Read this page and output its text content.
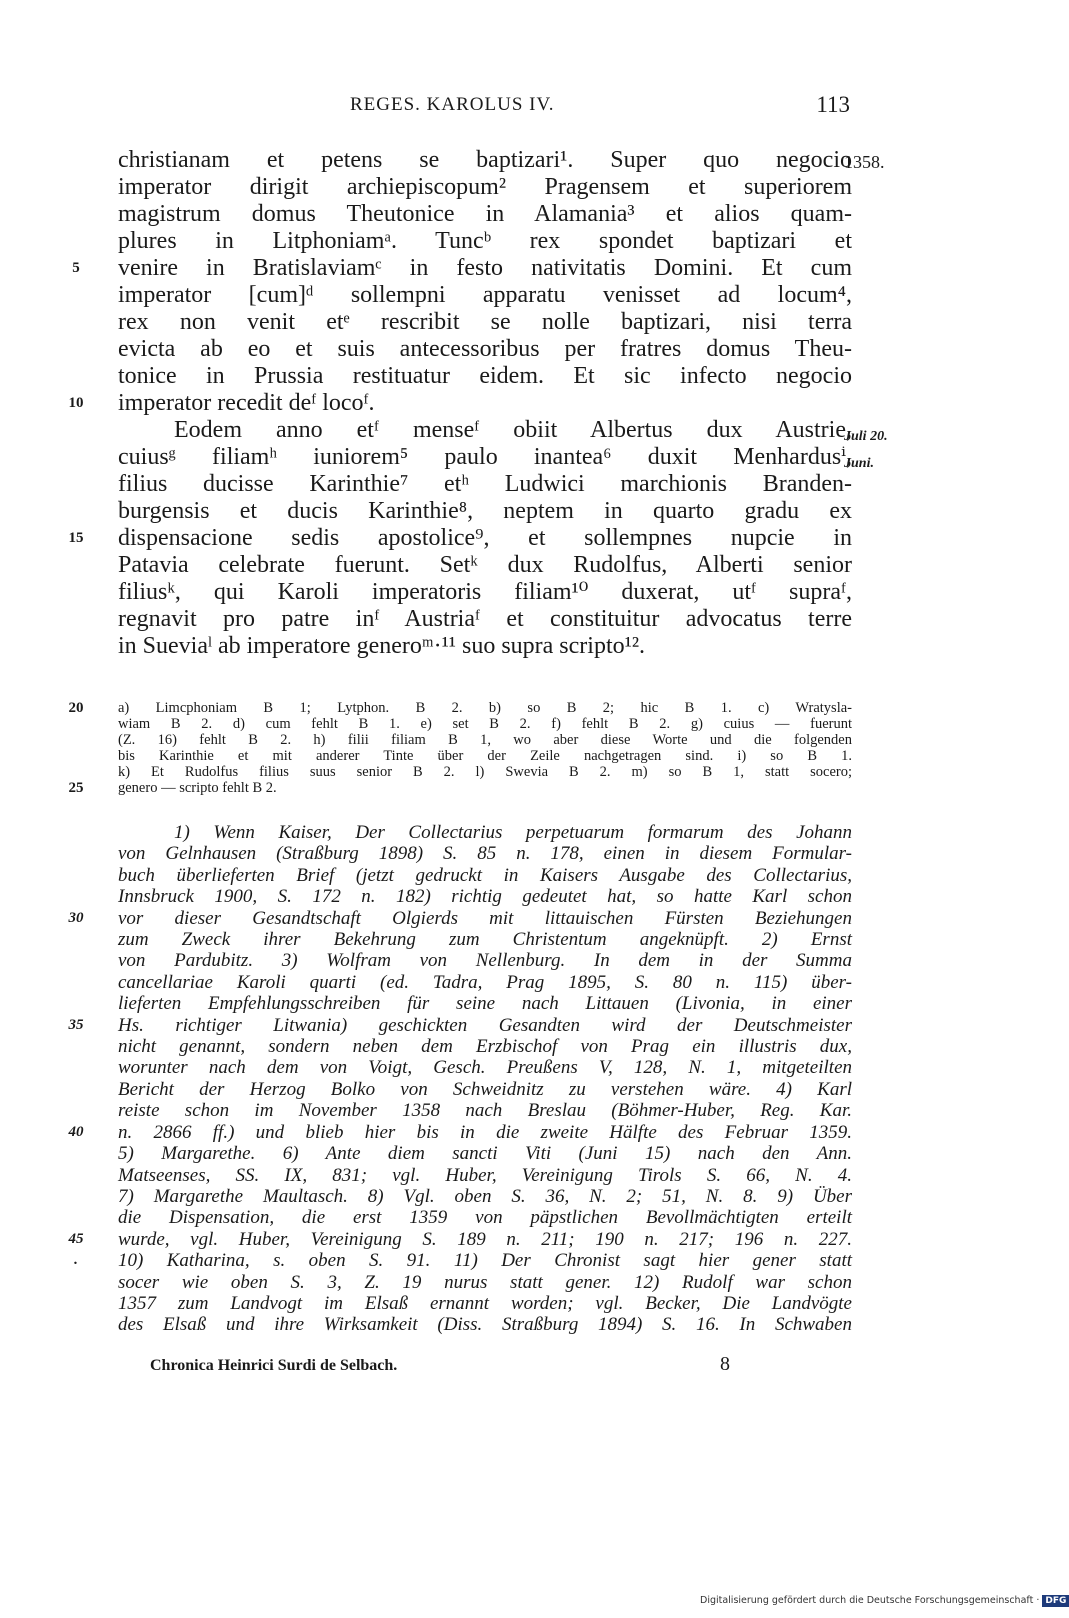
REGES. KAROLUS IV.	113
christianam et petens se baptizari¹. Super quo negocio
1358.
imperator dirigit archiepiscopum² Pragensem et superiorem
magistrum domus Theutonice in Alamania³ et alios quam-
plures in Litphoniamᵃ. Tuncᵇ rex spondet baptizari et
5	venire in Bratislaviamᶜ in festo nativitatis Domini. Et cum
imperator [cum]ᵈ sollempni apparatu venisset ad locum⁴,
rex non venit etᵉ rescribit se nolle baptizari, nisi terra
evicta ab eo et suis antecessoribus per fratres domus Theu-
tonice in Prussia restituatur eidem. Et sic infecto negocio
10	imperator recedit deᶠ locoᶠ.
Eodem anno etᶠ menseᶠ obiit Albertus dux Austrie,
Juli 20.
cuiusᵍ filiamʰ iuniorem⁵ paulo inantea⁶ duxit Menhardusⁱ,
Juni.
filius ducisse Karinthie⁷ etʰ Ludwici marchionis Branden-
burgensis et ducis Karinthie⁸, neptem in quarto gradu ex
15	dispensacione sedis apostolice⁹, et sollempnes nupcie in
Patavia celebrate fuerunt. Setᵏ dux Rudolfus, Alberti senior
filiusᵏ, qui Karoli imperatoris filiam¹⁰ duxerat, utᶠ supraᶠ,
regnavit pro patre inᶠ Austriaᶠ et constituitur advocatus terre
in Sueviaˡ ab imperatore generoᵐ·¹¹ suo supra scripto¹².
20	a) Limcphoniam B 1; Lytphon. B 2. b) so B 2; hic B 1. c) Wratysla-
wiam B 2. d) cum fehlt B 1. e) set B 2. f) fehlt B 2. g) cuius — fuerunt
(Z. 16) fehlt B 2. h) filii filiam B 1, wo aber diese Worte und die folgenden
bis Karinthie et mit anderer Tinte über der Zeile nachgetragen sind. i) so B 1.
k) Et Rudolfus filius suus senior B 2. l) Swevia B 2. m) so B 1, statt socero;
25	genero — scripto fehlt B 2.
1) Wenn Kaiser, Der Collectarius perpetuarum formarum des Johann
von Gelnhausen (Straßburg 1898) S. 85 n. 178, einen in diesem Formular-
buch überlieferten Brief (jetzt gedruckt in Kaisers Ausgabe des Collectarius,
Innsbruck 1900, S. 172 n. 182) richtig gedeutet hat, so hatte Karl schon
30	vor dieser Gesandtschaft Olgierds mit littauischen Fürsten Beziehungen
zum Zweck ihrer Bekehrung zum Christentum angeknüpft. 2) Ernst
von Pardubitz. 3) Wolfram von Nellenburg. In dem in der Summa
cancellariae Karoli quarti (ed. Tadra, Prag 1895, S. 80 n. 115) über-
lieferten Empfehlungsschreiben für seine nach Littauen (Livonia, in einer
35	Hs. richtiger Litwania) geschickten Gesandten wird der Deutschmeister
nicht genannt, sondern neben dem Erzbischof von Prag ein illustris dux,
worunter nach dem von Voigt, Gesch. Preußens V, 128, N. 1, mitgeteilten
Bericht der Herzog Bolko von Schweidnitz zu verstehen wäre. 4) Karl
reiste schon im November 1358 nach Breslau (Böhmer-Huber, Reg. Kar.
40	n. 2866 ff.) und blieb hier bis in die zweite Hälfte des Februar 1359.
5) Margarethe. 6) Ante diem sancti Viti (Juni 15) nach den Ann.
Matseenses, SS. IX, 831; vgl. Huber, Vereinigung Tirols S. 66, N. 4.
7) Margarethe Maultasch. 8) Vgl. oben S. 36, N. 2; 51, N. 8. 9) Über
die Dispensation, die erst 1359 von päpstlichen Bevollmächtigten erteilt
45	wurde, vgl. Huber, Vereinigung S. 189 n. 211; 190 n. 217; 196 n. 227.
.	10) Katharina, s. oben S. 91. 11) Der Chronist sagt hier gener statt
socer wie oben S. 3, Z. 19 nurus statt gener. 12) Rudolf war schon
1357 zum Landvogt im Elsaß ernannt worden; vgl. Becker, Die Landvögte
des Elsaß und ihre Wirksamkeit (Diss. Straßburg 1894) S. 16. In Schwaben
Chronica Heinrici Surdi de Selbach.	8
Digitalisierung gefördert durch die Deutsche Forschungsgemeinschaft · DFG
